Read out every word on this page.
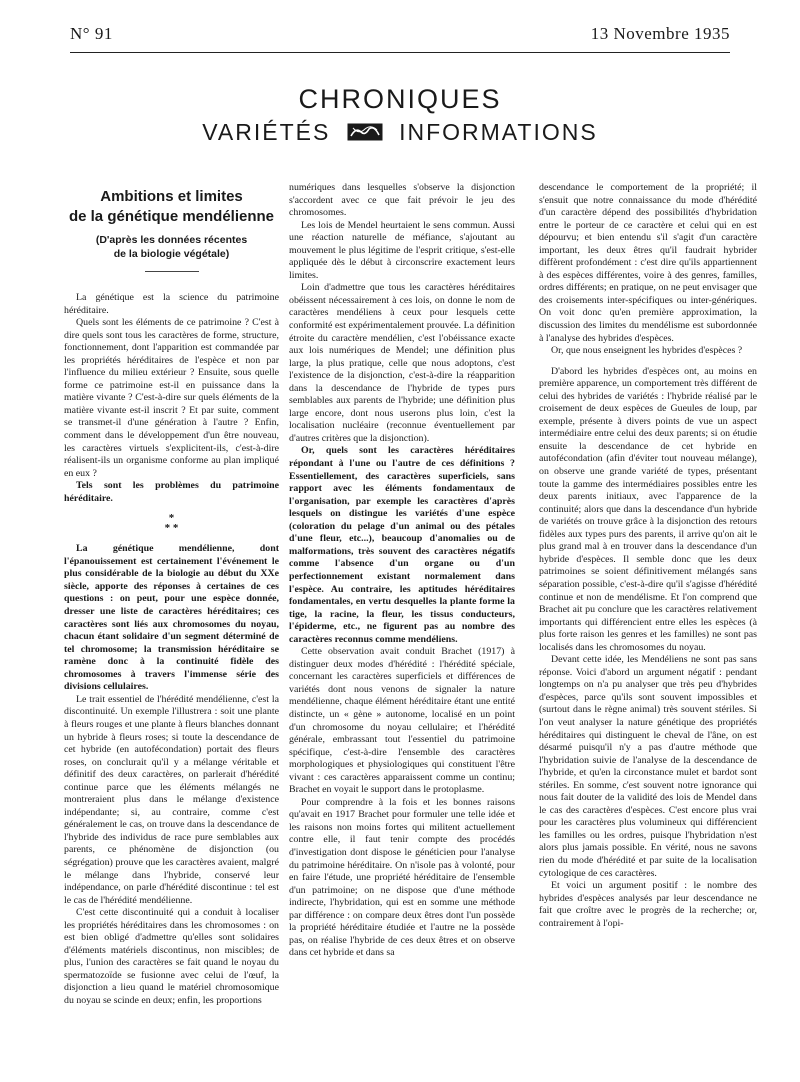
N° 91	13 Novembre 1935
CHRONIQUES
VARIÉTÉS	INFORMATIONS
Ambitions et limites
de la génétique mendélienne
(D'après les données récentes
de la biologie végétale)

La génétique est la science du patrimoine héréditaire.

Quels sont les éléments de ce patrimoine ? C'est à dire quels sont tous les caractères de forme, structure, fonctionnement, dont l'apparition est commandée par les propriétés héréditaires de l'espèce et non par l'influence du milieu extérieur ? Ensuite, sous quelle forme ce patrimoine est-il en puissance dans la matière vivante ? C'est-à-dire sur quels éléments de la matière vivante est-il inscrit ? Et par suite, comment se transmet-il d'une génération à l'autre ? Enfin, comment dans le développement d'un être nouveau, les caractères virtuels s'explicitent-ils, c'est-à-dire réalisent-ils un organisme conforme au plan impliqué en eux ?

Tels sont les problèmes du patrimoine héréditaire.

*
* *

La génétique mendélienne, dont l'épanouissement est certainement l'événement le plus considérable de la biologie au début du XXe siècle, apporte des réponses à certaines de ces questions : on peut, pour une espèce donnée, dresser une liste de caractères héréditaires; ces caractères sont liés aux chromosomes du noyau, chacun étant solidaire d'un segment déterminé de tel chromosome; la transmission héréditaire se ramène donc à la continuité fidèle des chromosomes à travers l'immense série des divisions cellulaires.

Le trait essentiel de l'hérédité mendélienne, c'est la discontinuité. Un exemple l'illustrera : soit une plante à fleurs rouges et une plante à fleurs blanches donnant un hybride à fleurs roses; si toute la descendance de cet hybride (en autofécondation) portait des fleurs roses, on conclurait qu'il y a mélange véritable et définitif des deux caractères, on parlerait d'hérédité continue parce que les éléments mélangés ne montreraient plus dans le mélange d'existence indépendante; si, au contraire, comme c'est généralement le cas, on trouve dans la descendance de l'hybride des individus de race pure semblables aux parents, ce phénomène de disjonction (ou ségrégation) prouve que les caractères avaient, malgré le mélange dans l'hybride, conservé leur indépendance, on parle d'hérédité discontinue : tel est le cas de l'hérédité mendélienne.

C'est cette discontinuité qui a conduit à localiser les propriétés héréditaires dans les chromosomes : on est bien obligé d'admettre qu'elles sont solidaires d'éléments matériels discontinus, non miscibles; de plus, l'union des caractères se fait quand le noyau du spermatozoïde se fusionne avec celui de l'œuf, la disjonction a lieu quand le matériel chromosomique du noyau se scinde en deux; enfin, les proportions

numériques dans lesquelles s'observe la disjonction s'accordent avec ce que fait prévoir le jeu des chromosomes.

Les lois de Mendel heurtaient le sens commun. Aussi une réaction naturelle de méfiance, s'ajoutant au mouvement le plus légitime de l'esprit critique, s'est-elle appliquée dès le début à circonscrire exactement leurs limites.

Loin d'admettre que tous les caractères héréditaires obéissent nécessairement à ces lois, on donne le nom de caractères mendéliens à ceux pour lesquels cette conformité est expérimentalement prouvée. La définition étroite du caractère mendélien, c'est l'obéissance exacte aux lois numériques de Mendel; une définition plus large, la plus pratique, celle que nous adoptons, c'est l'existence de la disjonction, c'est-à-dire la réapparition dans la descendance de l'hybride de types purs semblables aux parents de l'hybride; une définition plus large encore, dont nous userons plus loin, c'est la localisation nucléaire (reconnue éventuellement par d'autres critères que la disjonction).

Or, quels sont les caractères héréditaires répondant à l'une ou l'autre de ces définitions ? Essentiellement, des caractères superficiels, sans rapport avec les éléments fondamentaux de l'organisation, par exemple les caractères d'après lesquels on distingue les variétés d'une espèce (coloration du pelage d'un animal ou des pétales d'une fleur, etc...), beaucoup d'anomalies ou de malformations, très souvent des caractères négatifs comme l'absence d'un organe ou d'un perfectionnement existant normalement dans l'espèce. Au contraire, les aptitudes héréditaires fondamentales, en vertu desquelles la plante forme la tige, la racine, la fleur, les tissus conducteurs, l'épiderme, etc., ne figurent pas au nombre des caractères reconnus comme mendéliens.

Cette observation avait conduit Brachet (1917) à distinguer deux modes d'hérédité : l'hérédité spéciale, concernant les caractères superficiels et différences de variétés dont nous venons de signaler la nature mendélienne, chaque élément héréditaire étant une entité distincte, un « gène » autonome, localisé en un point d'un chromosome du noyau cellulaire; et l'hérédité générale, embrassant tout l'essentiel du patrimoine spécifique, c'est-à-dire l'ensemble des caractères morphologiques et physiologiques qui constituent l'être vivant : ces caractères apparaissent comme un continu; Brachet en voyait le support dans le protoplasme.

Pour comprendre à la fois et les bonnes raisons qu'avait en 1917 Brachet pour formuler une telle idée et les raisons non moins fortes qui militent actuellement contre elle, il faut tenir compte des procédés d'investigation dont dispose le généticien pour l'analyse du patrimoine héréditaire. On n'isole pas à volonté, pour en faire l'étude, une propriété héréditaire de l'ensemble d'un patrimoine; on ne dispose que d'une méthode indirecte, l'hybridation, qui est en somme une méthode par différence : on compare deux êtres dont l'un possède la propriété héréditaire étudiée et l'autre ne la possède pas, on réalise l'hybride de ces deux êtres et on observe dans cet hybride et dans sa

descendance le comportement de la propriété; il s'ensuit que notre connaissance du mode d'hérédité d'un caractère dépend des possibilités d'hybridation entre le porteur de ce caractère et celui qui en est dépourvu; et bien entendu s'il s'agit d'un caractère important, les deux êtres qu'il faudrait hybrider diffèrent profondément : c'est dire qu'ils appartiennent à des espèces différentes, voire à des genres, familles, ordres différents; en pratique, on ne peut envisager que des croisements inter-spécifiques ou inter-génériques. On voit donc qu'en première approximation, la discussion des limites du mendélisme est subordonnée à l'analyse des hybrides d'espèces.

Or, que nous enseignent les hybrides d'espèces ?

D'abord les hybrides d'espèces ont, au moins en première apparence, un comportement très différent de celui des hybrides de variétés : l'hybride réalisé par le croisement de deux espèces de Gueules de loup, par exemple, présente à divers points de vue un aspect intermédiaire entre celui des deux parents; si on étudie ensuite la descendance de cet hybride en autofécondation (afin d'éviter tout nouveau mélange), on observe une grande variété de types, présentant toute la gamme des intermédiaires possibles entre les deux parents initiaux, avec l'apparence de la continuité; alors que dans la descendance d'un hybride de variétés on trouve grâce à la disjonction des retours fidèles aux types purs des parents, il arrive qu'on ait le plus grand mal à en trouver dans la descendance d'un hybride d'espèces. Il semble donc que les deux patrimoines se soient définitivement mélangés sans séparation possible, c'est-à-dire qu'il s'agisse d'hérédité continue et non de mendélisme. Et l'on comprend que Brachet ait pu conclure que les caractères relativement importants qui différencient entre elles les espèces (à plus forte raison les genres et les familles) ne sont pas localisés dans les chromosomes du noyau.

Devant cette idée, les Mendéliens ne sont pas sans réponse. Voici d'abord un argument négatif : pendant longtemps on n'a pu analyser que très peu d'hybrides d'espèces, parce qu'ils sont souvent impossibles et (surtout dans le règne animal) très souvent stériles. Si l'on veut analyser la nature génétique des propriétés héréditaires qui distinguent le cheval de l'âne, on est désarmé puisqu'il n'y a pas d'autre méthode que l'hybridation suivie de l'analyse de la descendance de l'hybride, et qu'en la circonstance mulet et bardot sont stériles. En somme, c'est souvent notre ignorance qui nous fait douter de la validité des lois de Mendel dans le cas des caractères d'espèces. C'est encore plus vrai pour les caractères plus volumineux qui différencient les familles ou les ordres, puisque l'hybridation n'est alors plus jamais possible. En vérité, nous ne savons rien du mode d'hérédité et par suite de la localisation cytologique de ces caractères.

Et voici un argument positif : le nombre des hybrides d'espèces analysés par leur descendance ne fait que croître avec le progrès de la recherche; or, contrairement à l'opi-
